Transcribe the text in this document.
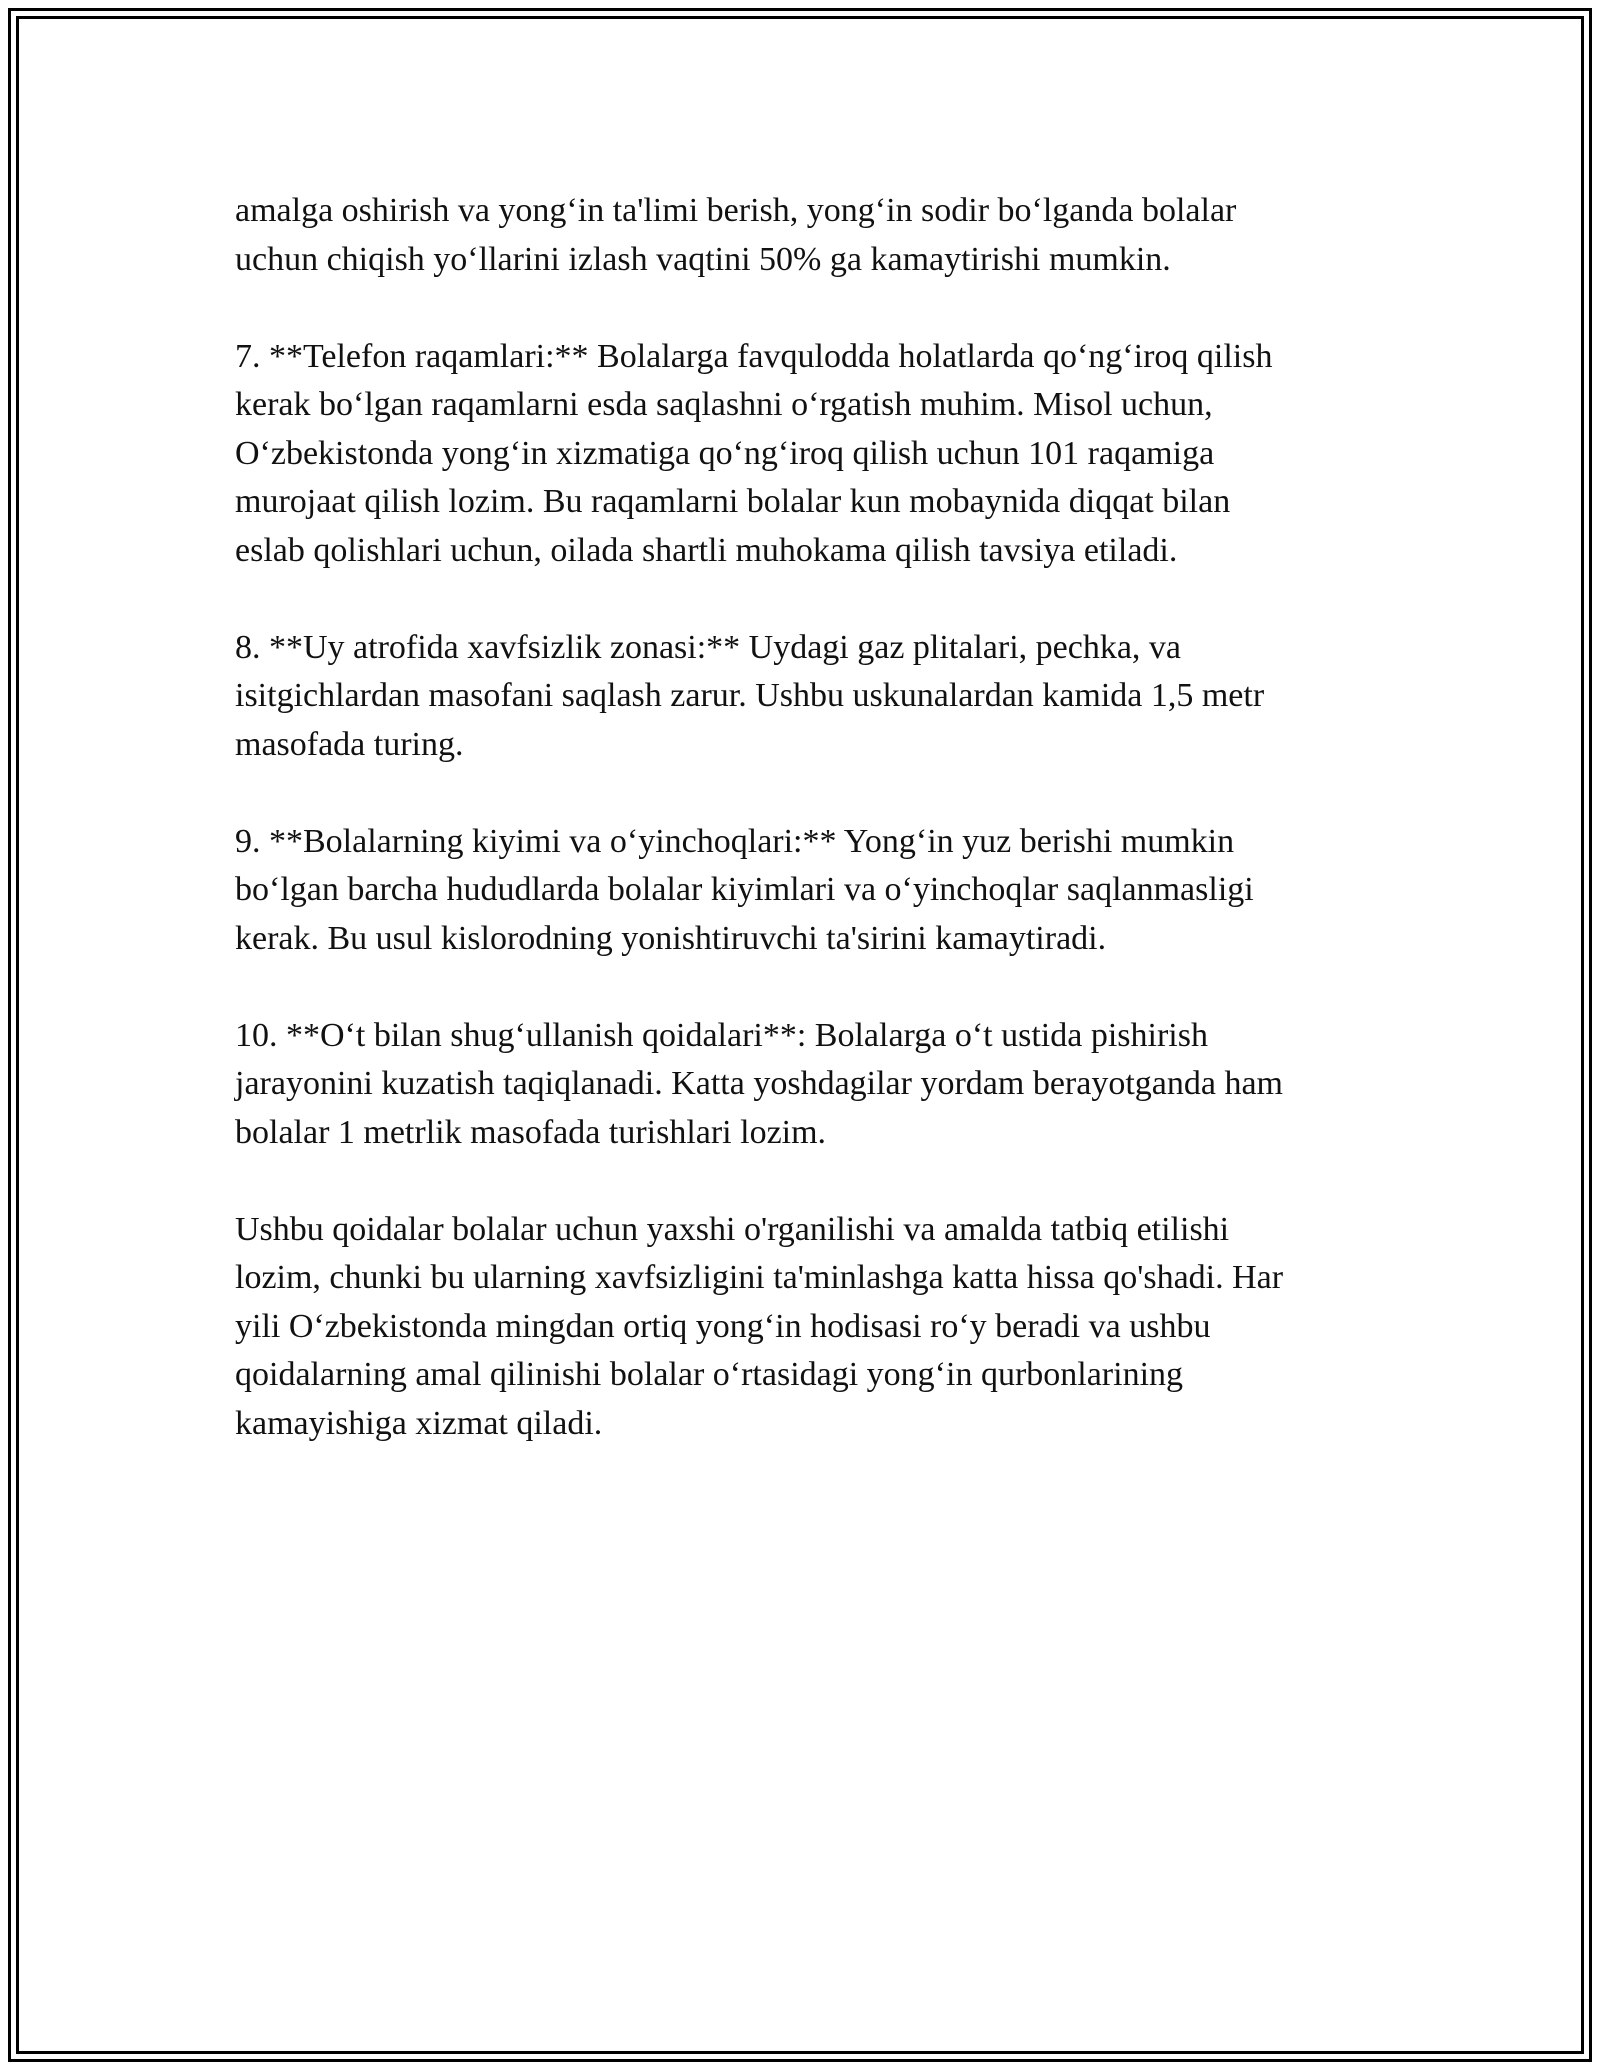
amalga oshirish va yong‘in ta'limi berish, yong‘in sodir bo‘lganda bolalar
uchun chiqish yo‘llarini izlash vaqtini 50% ga kamaytirishi mumkin.

7. **Telefon raqamlari:** Bolalarga favqulodda holatlarda qo‘ng‘iroq qilish
kerak bo‘lgan raqamlarni esda saqlashni o‘rgatish muhim. Misol uchun,
O‘zbekistonda yong‘in xizmatiga qo‘ng‘iroq qilish uchun 101 raqamiga
murojaat qilish lozim. Bu raqamlarni bolalar kun mobaynida diqqat bilan
eslab qolishlari uchun, oilada shartli muhokama qilish tavsiya etiladi.

8. **Uy atrofida xavfsizlik zonasi:** Uydagi gaz plitalari, pechka, va
isitgichlardan masofani saqlash zarur. Ushbu uskunalardan kamida 1,5 metr
masofada turing.

9. **Bolalarning kiyimi va o‘yinchoqlari:** Yong‘in yuz berishi mumkin
bo‘lgan barcha hududlarda bolalar kiyimlari va o‘yinchoqlar saqlanmasligi
kerak. Bu usul kislorodning yonishtiruvchi ta'sirini kamaytiradi.

10. **O‘t bilan shug‘ullanish qoidalari**: Bolalarga o‘t ustida pishirish
jarayonini kuzatish taqiqlanadi. Katta yoshdagilar yordam berayotganda ham
bolalar 1 metrlik masofada turishlari lozim.

Ushbu qoidalar bolalar uchun yaxshi o'rganilishi va amalda tatbiq etilishi
lozim, chunki bu ularning xavfsizligini ta'minlashga katta hissa qo'shadi. Har
yili O‘zbekistonda mingdan ortiq yong‘in hodisasi ro‘y beradi va ushbu
qoidalarning amal qilinishi bolalar o‘rtasidagi yong‘in qurbonlarining
kamayishiga xizmat qiladi.
